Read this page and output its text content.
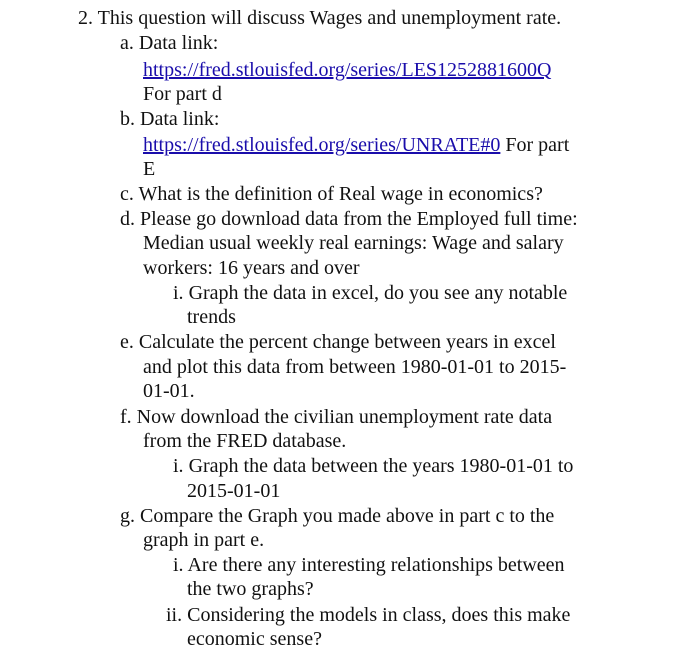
2. This question will discuss Wages and unemployment rate.
a. Data link:
https://fred.stlouisfed.org/series/LES1252881600Q
For part d
b. Data link:
https://fred.stlouisfed.org/series/UNRATE#0 For part
E
c. What is the definition of Real wage in economics?
d. Please go download data from the Employed full time:
Median usual weekly real earnings: Wage and salary
workers: 16 years and over
i. Graph the data in excel, do you see any notable
trends
e. Calculate the percent change between years in excel
and plot this data from between 1980-01-01 to 2015-
01-01.
f. Now download the civilian unemployment rate data
from the FRED database.
i. Graph the data between the years 1980-01-01 to
2015-01-01
g. Compare the Graph you made above in part c to the
graph in part e.
i. Are there any interesting relationships between
the two graphs?
ii. Considering the models in class, does this make
economic sense?
